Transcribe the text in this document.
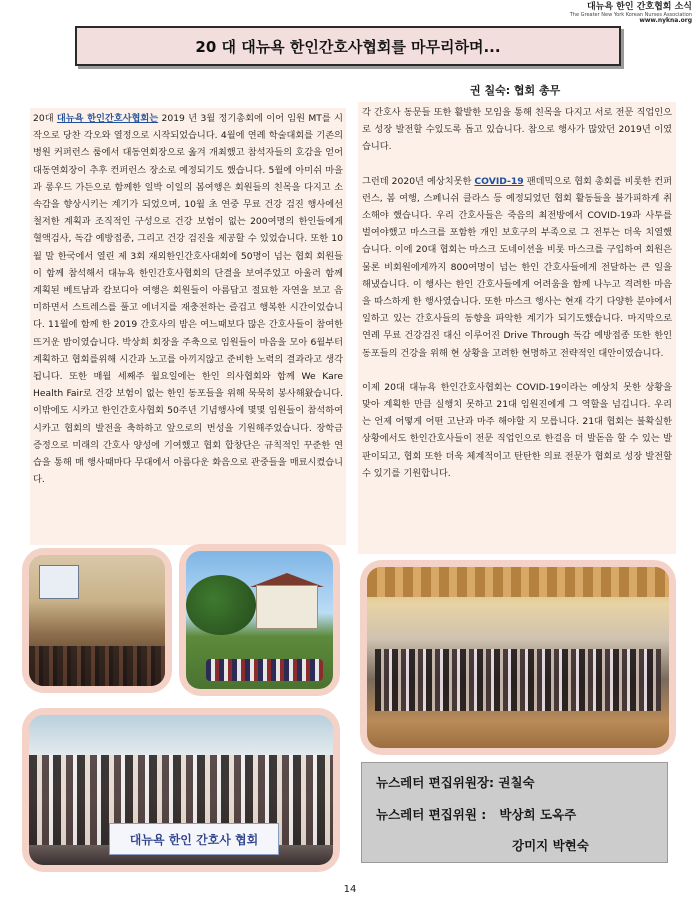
대뉴욕 한인 간호협회 소식
The Greater New York Korean Nurses Association
www.nykna.org
20 대 대뉴욕 한인간호사협회를 마무리하며...
권 칠숙: 협회 총무
20대 대뉴욕 한인간호사협회는 2019 년 3월 정기총회에 이어 임원 MT를 시작으로 당찬 각오와 열정으로 시작되었습니다. 4월에 연례 학술대회를 기존의 병원 커퍼런스 룸에서 대동연회장으로 옮겨 개최했고 참석자들의 호감을 얻어 대동연회장이 추후 컨퍼런스 장소로 예정되기도 했습니다. 5월에 아미쉬 마을과 롱우드 가든으로 함께한 일박 이일의 봄여행은 회원들의 친목을 다지고 소속감을 향상시키는 계기가 되었으며, 10월 초 연중 무료 건강 검진 행사에선 철저한 계획과 조직적인 구성으로 건강 보험이 없는 200여명의 한인들에게 혈액검사, 독감 예방접종, 그리고 건강 검진을 제공할 수 있었습니다. 또한 10월 말 한국에서 열린 제 3회 재외한인간호사대회에 50명이 넘는 협회 회원들이 함께 참석해서 대뉴욕 한인간호사협회의 단결을 보여주었고 아울러 함께 계획된 베트남과 캄보디아 여행은 회원들이 아름답고 절묘한 자연을 보고 음미하면서 스트레스를 풀고 에너지를 재충전하는 즐겁고 행복한 시간이었습니다. 11월에 함께 한 2019 간호사의 밤은 여느때보다 많은 간호사들이 참여한 뜨거운 밤이였습니다. 박상희 회장을 주축으로 임원들이 마음을 모아 6월부터 계획하고 협회를위해 시간과 노고를 아끼지않고 준비한 노력의 결과라고 생각됩니다. 또한 매월 세째주 월요일에는 한인 의사협회와 함께 We Kare Health Fair로 건강 보험이 없는 한인 동포들을 위해 묵묵히 봉사해왔습니다. 이밖에도 시카고 한인간호사협회 50주년 기념행사에 몇몇 임원들이 참석하여 시카고 협회의 발전을 축하하고 앞으로의 번성을 기원해주었습니다. 장학금 증정으로 미래의 간호사 양성에 기여했고 협회 합창단은 규칙적인 꾸준한 연습을 통해 매 행사때마다 무대에서 아름다운 화음으로 관중들을 매료시켰습니다.

각 간호사 동문들 또한 활발한 모임을 통해 친목을 다지고 서로 전문 직업인으로 성장 발전할 수있도록 돕고 있습니다. 참으로 행사가 많았던 2019년 이였습니다.

그런데 2020년 예상치못한 COVID-19 팬데믹으로 협회 총회를 비롯한 컨퍼런스, 봄 여행, 스페니쉬 클라스 등 예정되었던 협회 활동들을 불가피하게 취소해야 했습니다. 우리 간호사들은 죽음의 최전방에서 COVID-19과 사투를 벌여야했고 마스크를 포함한 개인 보호구의 부족으로 그 전투는 더욱 치열했습니다. 이에 20대 협회는 마스크 도네이션을 비롯 마스크를 구입하여 회원은 물론 비회원에게까지 800여명이 넘는 한인 간호사들에게 전달하는 큰 일을 해냈습니다. 이 행사는 한인 간호사들에게 어려움을 함께 나누고 격려한 마음을 따스하게 한 행사였습니다. 또한 마스크 행사는 현재 각기 다양한 분야에서 일하고 있는 간호사들의 동향을 파악한 계기가 되기도했습니다. 마지막으로 연례 무료 건강검진 대신 이루어진 Drive Through 독감 예방접종 또한 한인 동포들의 건강을 위해 현 상황을 고려한 현명하고 전략적인 대안이였습니다.

이제 20대 대뉴욕 한인간호사협회는 COVID-19이라는 예상치 못한 상황을 맞아 계획한 만큼 실행치 못하고 21대 임원진에게 그 역할을 넘깁니다. 우리는 언제 어떻게 어떤 고난과 마주 해야할 지 모릅니다. 21대 협회는 불확실한 상황에서도 한인간호사들이 전문 직업인으로 한걸음 더 발돋음 할 수 있는 발판이되고, 협회 또한 더욱 체계적이고 탄탄한 의료 전문가 협회로 성장 발전할 수 있기를 기원합니다.

대뉴욕 한인 간호사 협회
뉴스레터 편집위원장: 권칠숙
뉴스레터 편집위원 : 박상희 도옥주
강미지 박현숙
14
